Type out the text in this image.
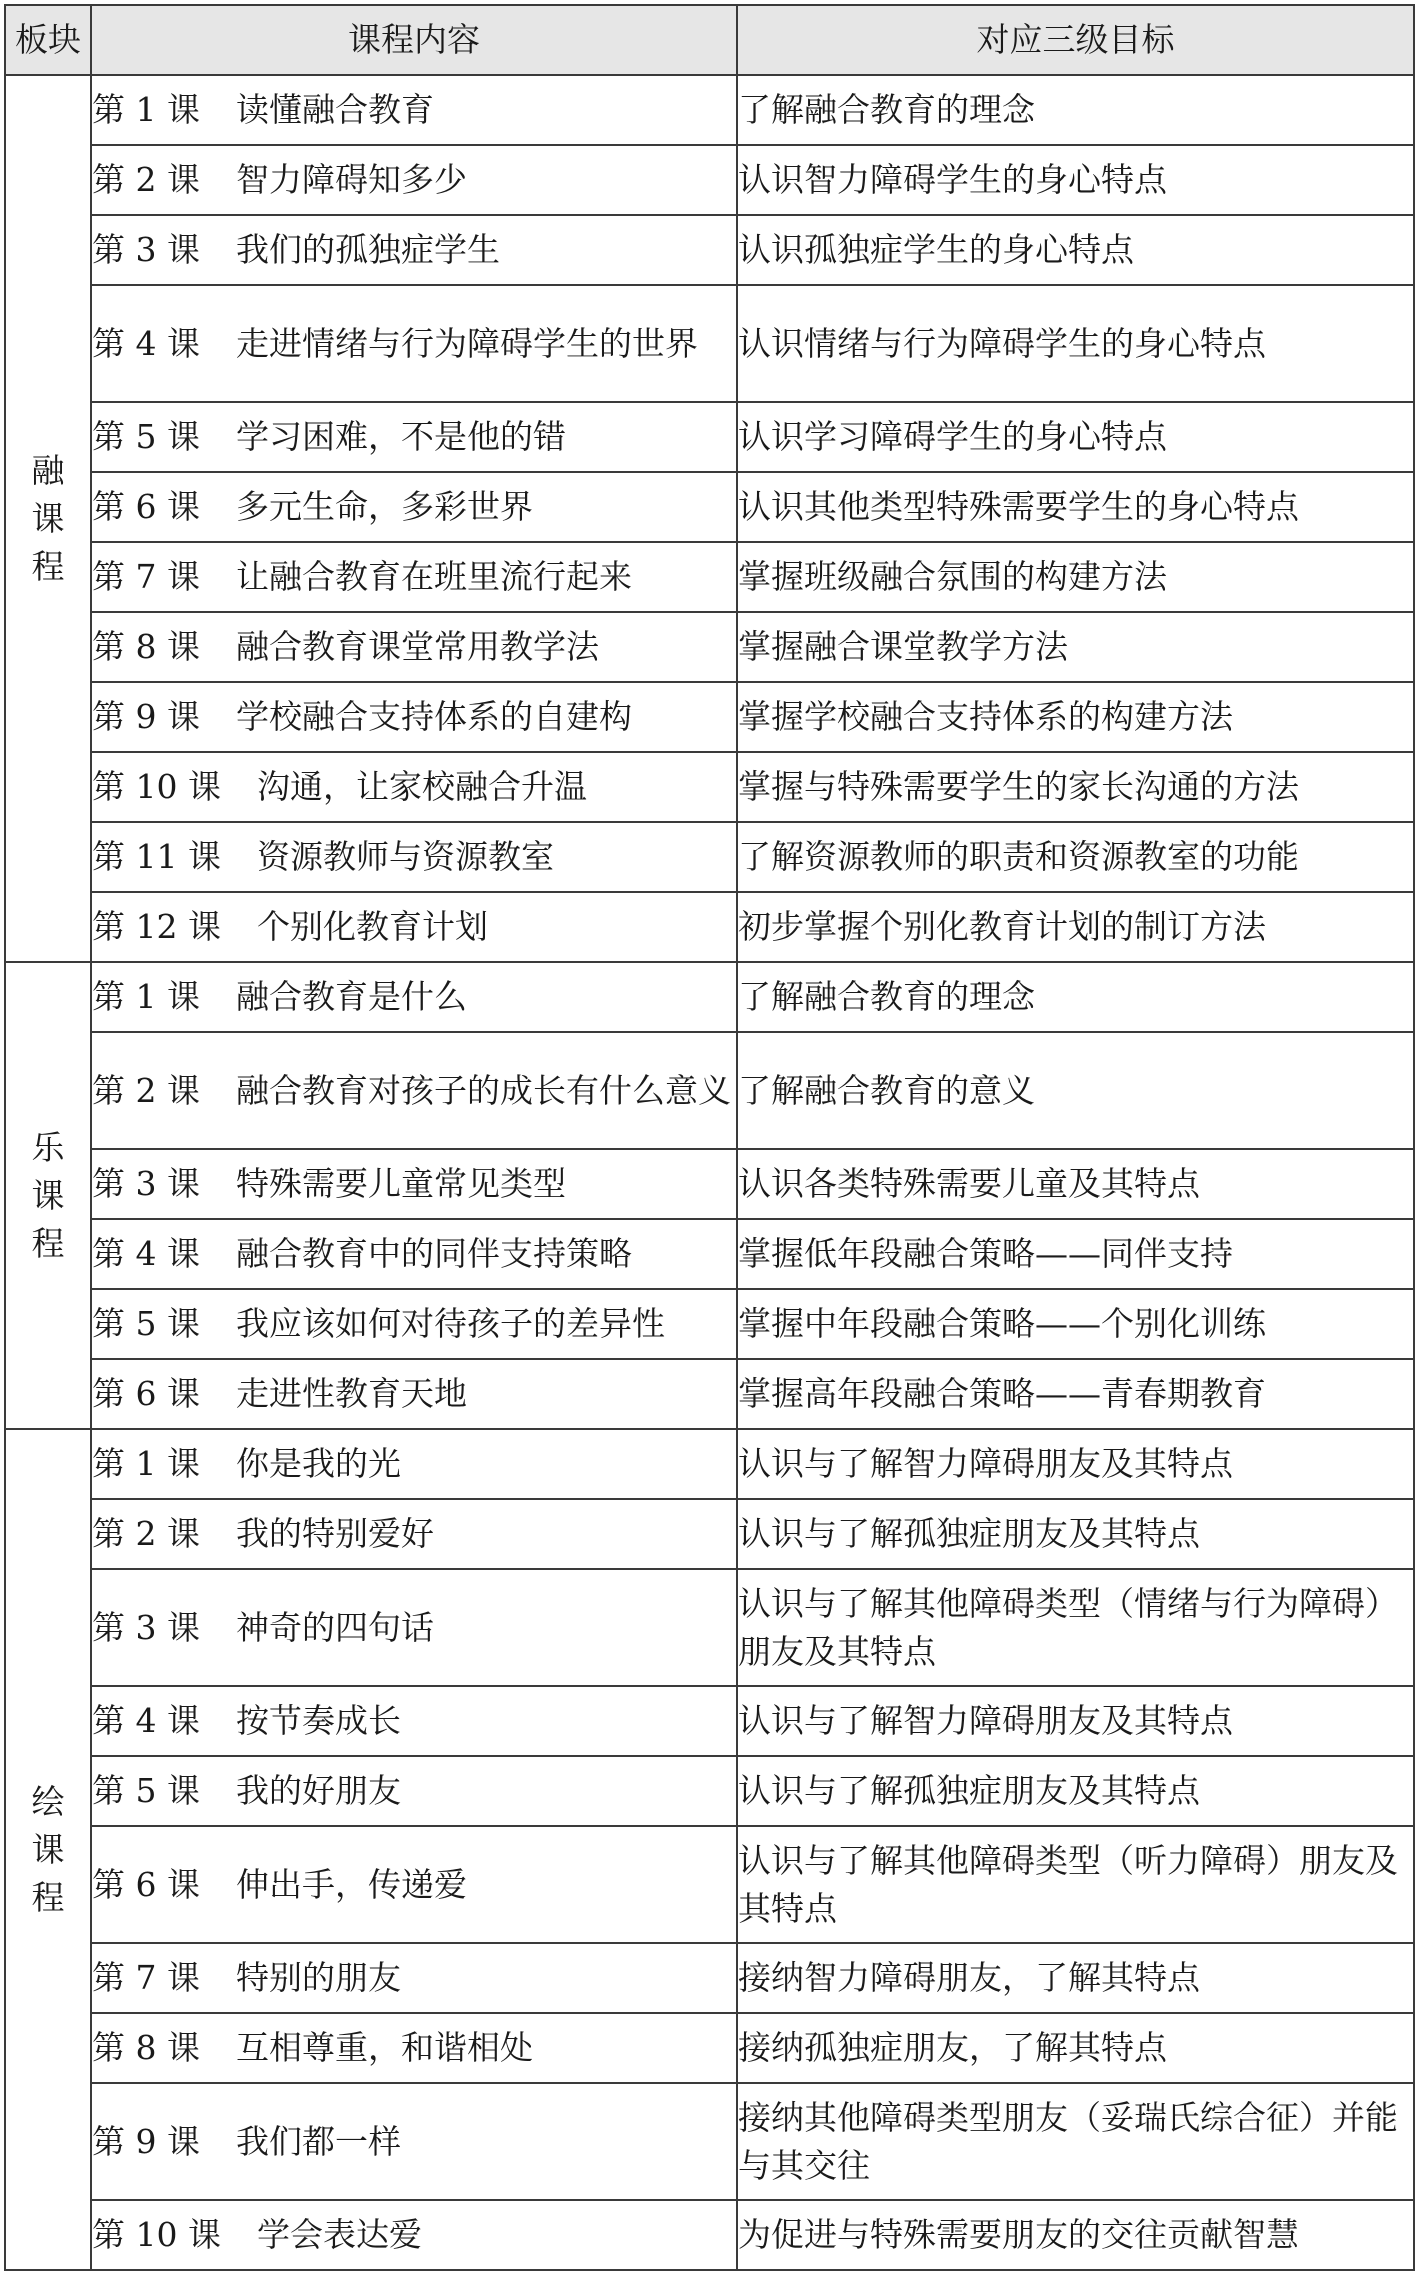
板块	课程内容	对应三级目标
融课程	第 1 课 读懂融合教育	了解融合教育的理念

	第 2 课 智力障碍知多少	认识智力障碍学生的身心特点

	第 3 课 我们的孤独症学生	认识孤独症学生的身心特点

	第 4 课 走进情绪与行为障碍学生的世界	认识情绪与行为障碍学生的身心特点

	第 5 课 学习困难，不是他的错	认识学习障碍学生的身心特点

	第 6 课 多元生命，多彩世界	认识其他类型特殊需要学生的身心特点

	第 7 课 让融合教育在班里流行起来	掌握班级融合氛围的构建方法

	第 8 课 融合教育课堂常用教学法	掌握融合课堂教学方法

	第 9 课 学校融合支持体系的自建构	掌握学校融合支持体系的构建方法

	第 10 课 沟通，让家校融合升温	掌握与特殊需要学生的家长沟通的方法

	第 11 课 资源教师与资源教室	了解资源教师的职责和资源教室的功能

	第 12 课 个别化教育计划	初步掌握个别化教育计划的制订方法
乐课程	第 1 课 融合教育是什么	了解融合教育的理念

	第 2 课 融合教育对孩子的成长有什么意义	了解融合教育的意义

	第 3 课 特殊需要儿童常见类型	认识各类特殊需要儿童及其特点

	第 4 课 融合教育中的同伴支持策略	掌握低年段融合策略——同伴支持

	第 5 课 我应该如何对待孩子的差异性	掌握中年段融合策略——个别化训练

	第 6 课 走进性教育天地	掌握高年段融合策略——青春期教育
绘课程	第 1 课 你是我的光	认识与了解智力障碍朋友及其特点

	第 2 课 我的特别爱好	认识与了解孤独症朋友及其特点

	第 3 课 神奇的四句话	认识与了解其他障碍类型（情绪与行为障碍）朋友及其特点

	第 4 课 按节奏成长	认识与了解智力障碍朋友及其特点

	第 5 课 我的好朋友	认识与了解孤独症朋友及其特点

	第 6 课 伸出手，传递爱	认识与了解其他障碍类型（听力障碍）朋友及其特点

	第 7 课 特别的朋友	接纳智力障碍朋友，了解其特点

	第 8 课 互相尊重，和谐相处	接纳孤独症朋友，了解其特点

	第 9 课 我们都一样	接纳其他障碍类型朋友（妥瑞氏综合征）并能与其交往

	第 10 课 学会表达爱	为促进与特殊需要朋友的交往贡献智慧
